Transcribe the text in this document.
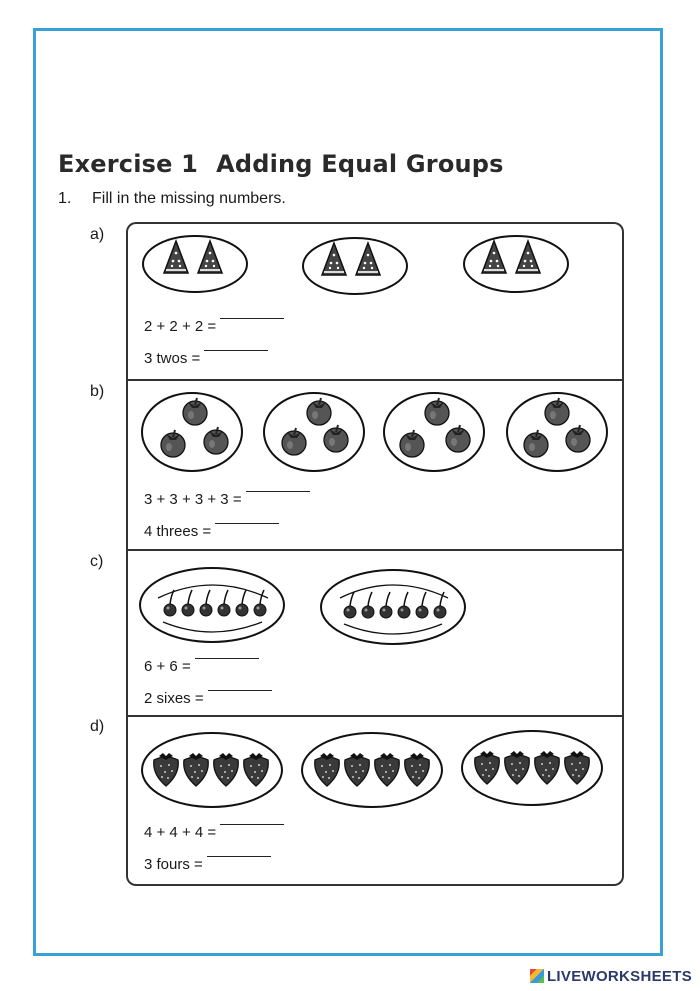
Exercise 1 Adding Equal Groups
1. Fill in the missing numbers.
a)
b)
c)
d)
2 + 2 + 2 =
3 twos =
3 + 3 + 3 + 3 =
4 threes =
6 + 6 =
2 sixes =
4 + 4 + 4 =
3 fours =
LIVEWORKSHEETS
